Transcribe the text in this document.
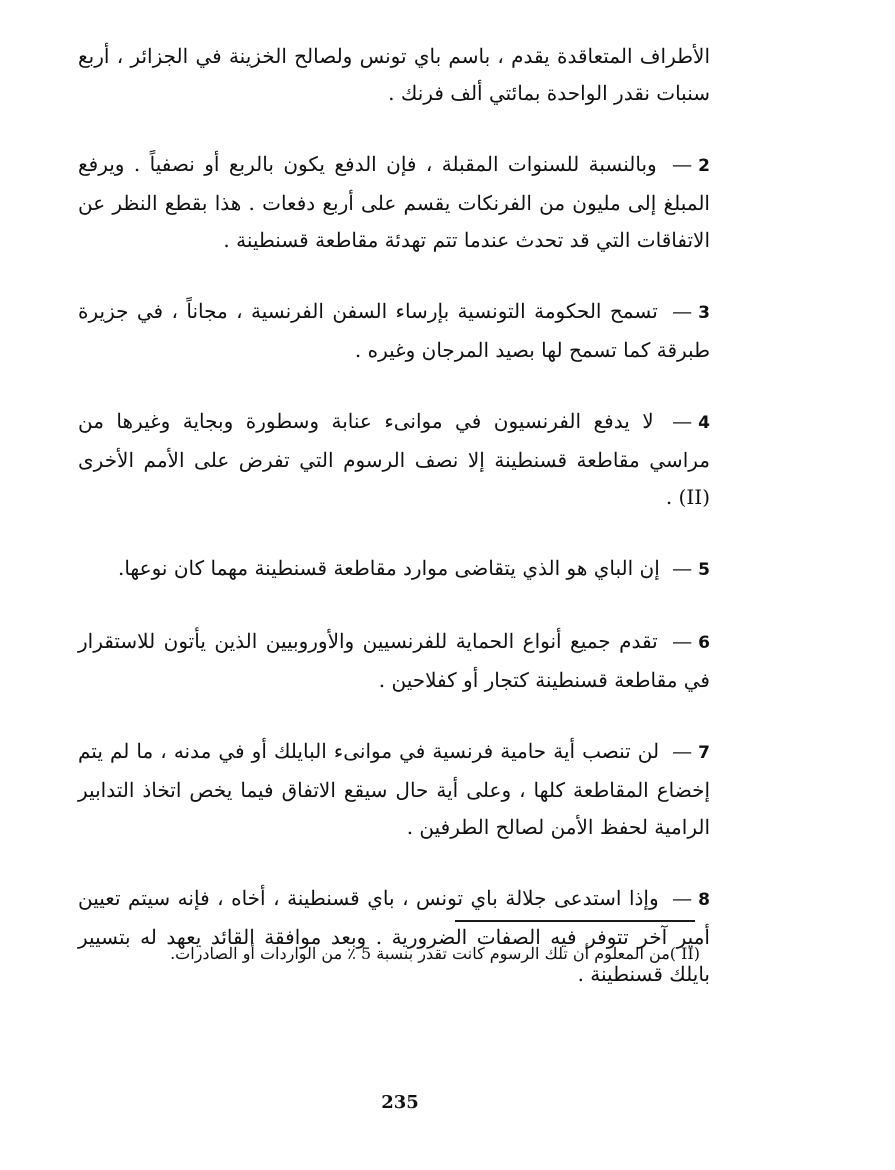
الأطراف المتعاقدة يقدم ، باسم باي تونس ولصالح الخزينة في الجزائر ، أربع سنبات نقدر الواحدة بمائتي ألف فرنك .

2— وبالنسبة للسنوات المقبلة ، فإن الدفع يكون بالربع أو نصفياً . ويرفع المبلغ إلى مليون من الفرنكات يقسم على أربع دفعات . هذا بقطع النظر عن الاتفاقات التي قد تحدث عندما تتم تهدئة مقاطعة قسنطينة .

3— تسمح الحكومة التونسية بإرساء السفن الفرنسية ، مجاناً ، في جزيرة طبرقة كما تسمح لها بصيد المرجان وغيره .

4— لا يدفع الفرنسيون في موانىء عنابة وسطورة وبجاية وغيرها من مراسي مقاطعة قسنطينة إلا نصف الرسوم التي تفرض على الأمم الأخرى (II) .

5— إن الباي هو الذي يتقاضى موارد مقاطعة قسنطينة مهما كان نوعها.

6— تقدم جميع أنواع الحماية للفرنسيين والأوروبيين الذين يأتون للاستقرار في مقاطعة قسنطينة كتجار أو كفلاحين .

7— لن تنصب أية حامية فرنسية في موانىء البايلك أو في مدنه ، ما لم يتم إخضاع المقاطعة كلها ، وعلى أية حال سيقع الاتفاق فيما يخص اتخاذ التدابير الرامية لحفظ الأمن لصالح الطرفين .

8— وإذا استدعى جلالة باي تونس ، باي قسنطينة ، أخاه ، فإنه سيتم تعيين أمير آخر تتوفر فيه الصفات الضرورية . وبعد موافقة القائد يعهد له بتسيير بايلك قسنطينة .

(II )من المعلوم أن تلك الرسوم كانت تقدر بنسبة 5 ٪ من الواردات أو الصادرات.
235
